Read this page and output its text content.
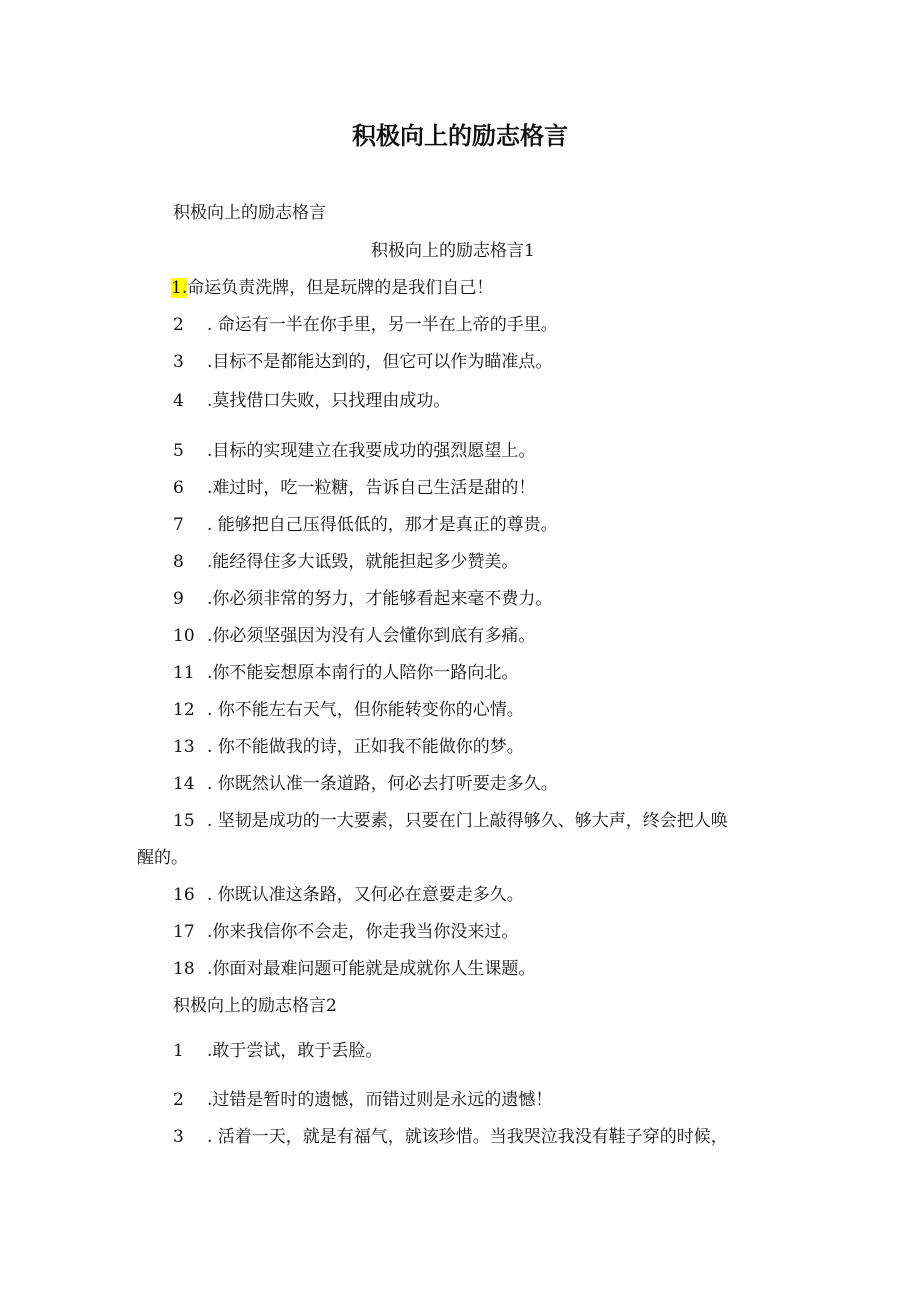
积极向上的励志格言
积极向上的励志格言
积极向上的励志格言1
1.命运负责洗牌，但是玩牌的是我们自己！
2 . 命运有一半在你手里，另一半在上帝的手里。
3 .目标不是都能达到的，但它可以作为瞄准点。
4 .莫找借口失败，只找理由成功。
5 .目标的实现建立在我要成功的强烈愿望上。
6 .难过时，吃一粒糖，告诉自己生活是甜的！
7 . 能够把自己压得低低的，那才是真正的尊贵。
8 .能经得住多大诋毁，就能担起多少赞美。
9 .你必须非常的努力，才能够看起来毫不费力。
10 .你必须坚强因为没有人会懂你到底有多痛。
11 .你不能妄想原本南行的人陪你一路向北。
12 . 你不能左右天气，但你能转变你的心情。
13 . 你不能做我的诗，正如我不能做你的梦。
14 . 你既然认准一条道路，何必去打听要走多久。
15 . 坚韧是成功的一大要素，只要在门上敲得够久、够大声，终会把人唤
醒的。
16 . 你既认准这条路，又何必在意要走多久。
17 .你来我信你不会走，你走我当你没来过。
18 .你面对最难问题可能就是成就你人生课题。
积极向上的励志格言2
1 .敢于尝试，敢于丢脸。
2 .过错是暂时的遗憾，而错过则是永远的遗憾！
3 . 活着一天，就是有福气，就该珍惜。当我哭泣我没有鞋子穿的时候，
